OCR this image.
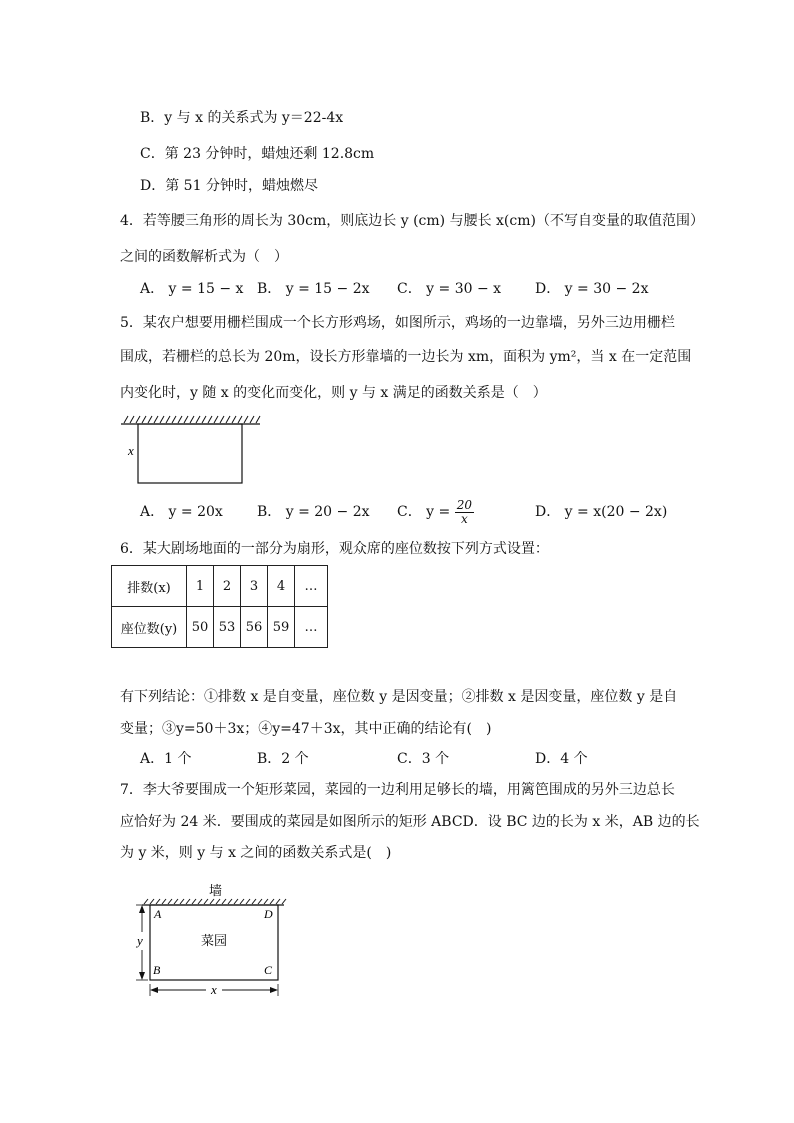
B．y 与 x 的关系式为 y＝22-4x
C．第 23 分钟时，蜡烛还剩 12.8cm
D．第 51 分钟时，蜡烛燃尽
4．若等腰三角形的周长为 30cm，则底边长 y (cm) 与腰长 x(cm)（不写自变量的取值范围）
之间的函数解析式为（　）
A． y = 15 − x B． y = 15 − 2x C． y = 30 − x D． y = 30 − 2x
5．某农户想要用栅栏围成一个长方形鸡场，如图所示，鸡场的一边靠墙，另外三边用栅栏
围成，若栅栏的总长为 20m，设长方形靠墙的一边长为 xm，面积为 ym²，当 x 在一定范围
内变化时，y 随 x 的变化而变化，则 y 与 x 满足的函数关系是（　）
x
A． y = 20x B． y = 20 − 2x C． $y = \frac{20}{x}$	D． y = x(20 − 2x)
6．某大剧场地面的一部分为扇形，观众席的座位数按下列方式设置：
排数(x)	1	2	3	4	…
座位数(y)	50	53	56	59	…
有下列结论：①排数 x 是自变量，座位数 y 是因变量；②排数 x 是因变量，座位数 y 是自
变量；③y=50＋3x；④y=47＋3x，其中正确的结论有(　)
A．1 个	B．2 个	C．3 个	D．4 个
7．李大爷要围成一个矩形菜园，菜园的一边利用足够长的墙，用篱笆围成的另外三边总长
应恰好为 24 米．要围成的菜园是如图所示的矩形 ABCD．设 BC 边的长为 x 米，AB 边的长
为 y 米，则 y 与 x 之间的函数关系式是(　)
墙
y
x
A	D
B	C
菜园
